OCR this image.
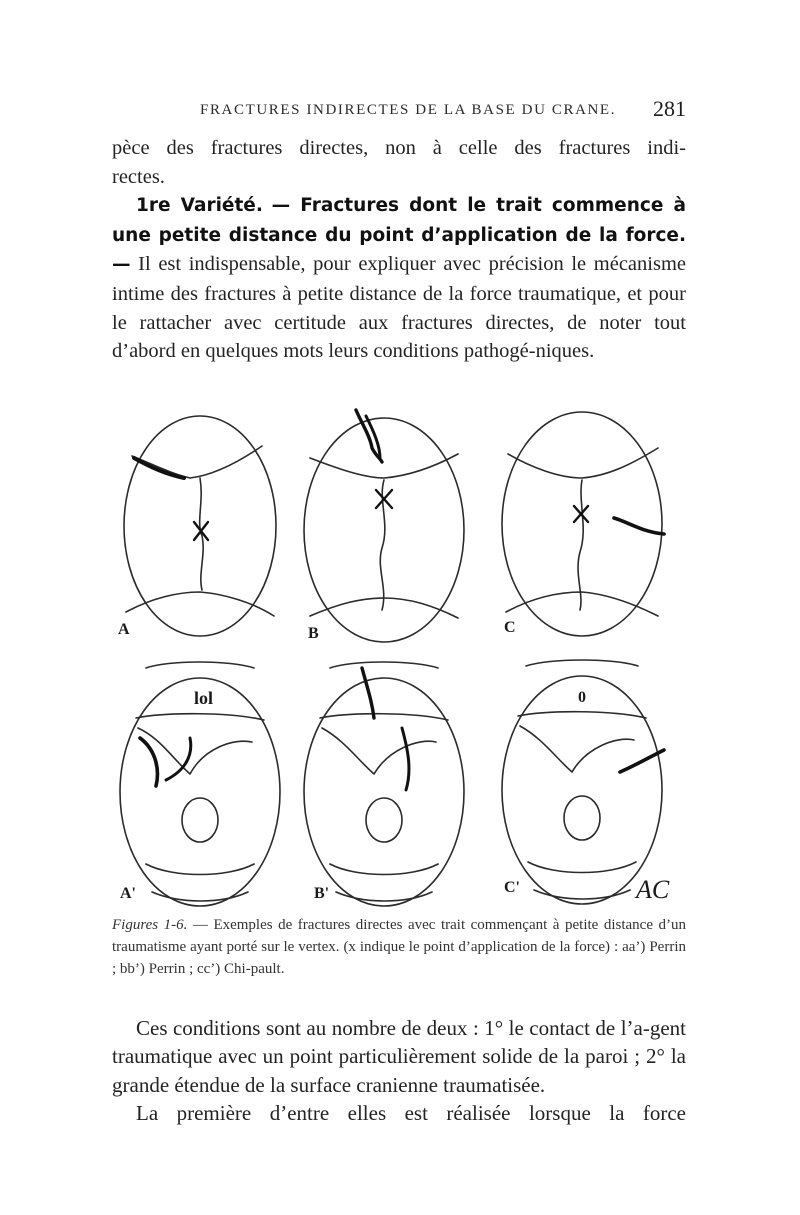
FRACTURES INDIRECTES DE LA BASE DU CRANE. 281

pèce des fractures directes, non à celle des fractures indi-

rectes.

1re Variété. — Fractures dont le trait commence à une petite distance du point d’application de la force.— Il est indispensable, pour expliquer avec précision le mécanisme intime des fractures à petite distance de la force traumatique, et pour le rattacher avec certitude aux fractures directes, de noter tout d’abord en quelques mots leurs conditions pathogé-niques.

A	B	C
A'	B'	C'
lol	0
AC
Figures 1-6. — Exemples de fractures directes avec trait commençant à petite distance d’un traumatisme ayant porté sur le vertex. (x indique le point d’application de la force) : aa’) Perrin ; bb’) Perrin ; cc’) Chi-pault.

Ces conditions sont au nombre de deux : 1° le contact de l’a-gent traumatique avec un point particulièrement solide de la paroi ; 2° la grande étendue de la surface cranienne traumatisée.

La première d’entre elles est réalisée lorsque la force
